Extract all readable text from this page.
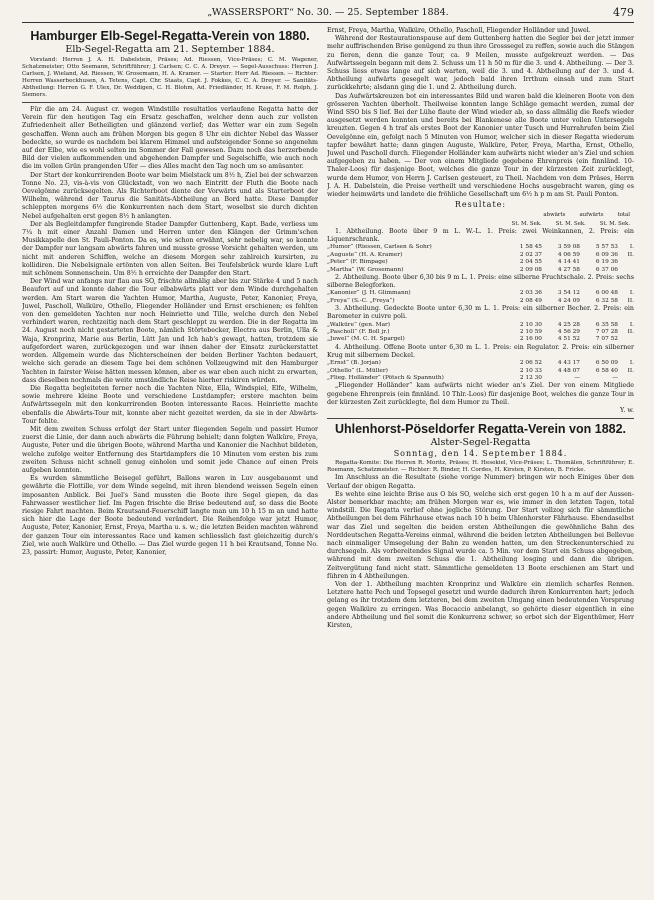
„WASSERSPORT“ No. 30. — 25. September 1884.	479
Hamburger Elb-Segel-Regatta-Verein von 1880.
Elb-Segel-Regatta am 21. September 1884.

Vorstand: Herren J. A. H. Dabelstein, Präses; Ad. Riessen, Vice-Präses; C. M. Wagener, Schatzmeister; Otto Seemann, Schriftführer; J. Carlsen; C. C. A. Dreyer. — Segel-Ausschuss: Herren J. Carlsen, J. Wieland, Ad. Riessen, W. Grosemann, H. A. Kramer. — Starter: Herr Ad. Riessen. — Richter: Herren Wasserbeckhusen, A. Tetens, Capt. Chr. Staats, Capt. J. Fokkes, C. C. A. Dreyer. — Sanitäts-Abtheilung: Herren G. F. Ulex, Dr. Weddigen, C. H. Blohm, Ad. Friedländer, H. Kruse, F. M. Rolph, J. Siemers.

Für die am 24. August cr. wegen Windstille resultatlos verlaufene Regatta hatte der Verein für den heutigen Tag ein Ersatz geschaffen, welcher denn auch zur vollsten Zufriedenheit aller Betheiligten und glänzend verlief; das Wetter war ein zum Segeln geschaffen. Wenn auch am frühen Morgen bis gegen 8 Uhr ein dichter Nebel das Wasser bedeckte, so wurde es nachdem bei klarem Himmel und aufsteigender Sonne so angenehm auf der Elbe, wie es wohl selten im Sommer der Fall gewesen. Dazu noch das herzerbende Bild der vielen aufkommenden und abgehenden Dampfer und Segelschiffe, wie auch noch die im vollen Grün prangenden Ufer — dies Alles macht den Tag noch um so amüsanter.

Der Start der konkurrirenden Boote war beim Mielstack um 8½ h, Ziel bei der schwarzen Tonne No. 23, vis-à-vis von Glückstadt, von wo nach Eintritt der Fluth die Boote nach Oevelgönne zurücksegelten. Als Richterboot diente der Vorwärts und als Starterboot der Wilhelm, während der Taurus die Sanitäts-Abtheilung an Bord hatte. Diese Dampfer schleppten morgens 6½ die Konkurrenten nach dem Start, woselbst sie durch dichten Nebel aufgehalten erst gegen 8½ h anlangten.

Der als Begleitdampfer fungirende Stader Dampfer Guttenberg, Kapt. Bade, verliess um 7¼ h mit einer Anzahl Damen und Herren unter den Klängen der Grimm'schen Musikkapelle den St. Pauli-Ponton. Da es, wie schon erwähnt, sehr nebelig war, so konnte der Dampfer nur langsam abwärts fahren und musste grosse Vorsicht gehalten werden, um nicht mit anderen Schiffen, welche an diesem Morgen sehr zahlreich kursirten, zu kollidiren. Die Nebelsignale ertönten von allen Seiten. Bei Teufelsbrück wurde klare Luft mit schönem Sonnenschein. Um 8½ h erreichte der Dampfer den Start.

Der Wind war anfangs nur flau aus SO, frischte allmälig aber bis zur Stärke 4 und 5 nach Beaufort auf und konnte daher die Tour elbabwärts platt vor dem Winde durchgehalten werden. Am Start waren die Yachten Humor, Martha, Auguste, Peter, Kanonier, Freya, Juwel, Pascholl, Walküre, Othello, Fliegender Holländer und Ernst erschienen; es fehlten von den gemeldeten Yachten nur noch Heinriette und Tille, welche durch den Nebel verhindert waren, rechtzeitig nach dem Start geschleppt zu werden. Die in der Regatta im 24. August noch nicht gestarteten Boote, nämlich Störtebecker, Electra aus Berlin, Ulla & Waja, Kronprinz, Marie aus Berlin, Lütt Jan und Ich hab's gewagt, hatten, trotzdem sie aufgefordert waren, zurückgezogen und war ihnen daher der Einsatz zurückerstattet worden. Allgemein wurde das Nichterscheinen der beiden Berliner Yachten bedauert, welche sich gerade an diesem Tage bei dem schönen Vollzeugwind mit den Hamburger Yachten in fairster Weise hätten messen können, aber es war eben auch nicht zu erwarten, dass dieselben nochmals die weite umständliche Reise hierher riskiren würden.

Die Regatta begleiteten ferner noch die Yachten Nixe, Ella, Windspiel, Elfe, Wilhelm, sowie mehrere kleine Boote und verschiedene Lustdampfer; erstere machten beim Aufwärtssegeln mit den konkurrirenden Booten interessante Races. Heinriette machte ebenfalls die Abwärts-Tour mit, konnte aber nicht gezeitet werden, da sie in der Abwärts-Tour fehlte.

Mit dem zweiten Schuss erfolgt der Start unter fliegenden Segeln und passirt Humor zuerst die Linie, der dann auch abwärts die Führung behielt; dann folgten Walküre, Freya, Auguste, Peter und die übrigen Boote, während Martha und Kanonier die Nachhut bildeten, welche zufolge weiter Entfernung des Startdampfers die 10 Minuten vom ersten bis zum zweiten Schuss nicht schnell genug einholen und somit jede Chance auf einen Preis aufgeben konnten.

Es wurden sämmtliche Beisegel geführt, Ballons waren in Luv ausgebauomt und gewährte die Flottille, vor dem Winde segelnd, mit ihren blendend weissen Segeln einen imposanten Anblick. Bei Juel's Sand mussten die Boote ihre Segel giepen, da das Fahrwasser westlicher lief. Im Pagen frischte die Brise bedeutend auf, so dass die Boote riesige Fahrt machten. Beim Krautsand-Feuerschiff langte man um 10 h 15 m an und hatte sich hier die Lage der Boote bedeutend verändert. Die Reihenfolge war jetzt Humor, Auguste, Peter, Kanonier, Ernst, Freya, Martha u. s. w.; die letzten Beiden machten während der ganzen Tour ein interessantes Race und kamen schliesslich fast gleichzeitig durch's Ziel, wie auch Walküre und Othello. — Das Ziel wurde gegen 11 h bei Krautsand, Tonne No. 23, passirt: Humor, Auguste, Peter, Kanonier,

Ernst, Freya, Martha, Walküre, Othello, Pascholl, Fliegender Holländer und Juwel.

Während der Restaurationspause auf dem Guttenberg hatten die Segler bei der jetzt immer mehr auffrischenden Brise genügend zu thun ihre Grosssegel zu reffen, sowie auch die Stängen zu fieren, denn die ganze Tour, ca. 9 Meilen, musste aufgekreuzt werden. — Das Aufwärtssegeln begann mit dem 2. Schuss um 11 h 50 m für die 3. und 4. Abtheilung. — Der 3. Schuss liess etwas lange auf sich warten, weil die 3. und 4. Abtheilung auf der 3. und 4. Abtheilung aufwärts gesegelt war, jedoch bald ihren Irrthum einsah und zum Start zurückkehrte; alsdann ging die 1. und 2. Abtheilung durch.

Das Aufwärtskreuzen bot ein interessantes Bild und waren bald die kleineren Boote von den grösseren Yachten überholt. Theilweise konnten lange Schläge gemacht werden, zumal der Wind SSO bis S lief. Bei der Lühe flaute der Wind wieder ab, so dass allmälig die Reefs wieder ausgesetzt werden konnten und bereits bei Blankenese alle Boote unter vollen Untersegeln kreuzten. Gegen 4 h traf als erstes Boot der Kanonier unter Tusch und Hurrahrufen beim Ziel Oevelgönne ein, gefolgt nach 5 Minuten von Humor, welcher sich in dieser Regatta wiederum tapfer bewährt hatte; dann gingen Auguste, Walküre, Peter, Freya, Martha, Ernst, Othello, Juwel und Pascholl durch. Fliegender Holländer kam aufwärts nicht wieder an's Ziel und schien aufgegeben zu haben. — Der von einem Mitgliede gegebene Ehrenpreis (ein finnländ. 10-Thaler-Loos) für dasjenige Boot, welches die ganze Tour in der kürzesten Zeit zurücklegt, wurde dem Humor, von Herrn J. Carlsen gesteuert, zu Theil. Nachdem von dem Präses, Herrn J. A. H. Dabelstein, die Preise vertheilt und verschiedene Hochs ausgebracht waren, ging es wieder heimwärts und landete die fröhliche Gesellschaft um 6½ h p m am St. Pauli Ponton.

Resultate:
abwärts	aufwärts	total
St. M. Sek.	St. M. Sek.	St. M. Sek.

1. Abtheilung. Boote über 9 m L. W.-L. 1. Preis: zwei Weinkannen, 2. Preis: ein Liquenrschrank.

„Humor“ (Riessen, Carlsen & Sohr)	1 58 45	3 59 08	5 57 53	I.
„Auguste“ (H. A. Kramer)	2 02 37	4 06 59	6 09 36	II.
„Peter“ (F. Bimpage)	2 04 55	4 14 41	6 19 36
„Martha“ (W. Grosemann)	2 09 08	4 27 58	6 37 06

2. Abtheilung. Boote über 6,30 bis 9 m L. 1. Preis: eine silberne Fruchtschale. 2. Preis: sechs silberne Belegforken.

„Kanonier“ (J. H. Glimmann)	2 03 36	3 54 12	6 00 48	I.
„Freya“ (S.-C. „Freya“)	2 08 49	4 24 09	6 32 58	II.

3. Abtheilung. Gedeckte Boote unter 6,30 m L. 1. Preis: ein silberner Becher. 2. Preis: ein Barometer in cuivre poli.

„Walküre“ (gen. Mar)	2 10 30	4 25 28	6 35 58	I.
„Pascholl“ (F. Boll jr.)	2 10 59	4 56 29	7 07 28	II.
„Juwel“ (M. C. H. Spargel)	2 16 00	4 51 52	7 07 52

4. Abtheilung. Offene Boote unter 6,30 m L. 1. Preis: ein Regulator. 2. Preis: ein silberner Krug mit silbernem Deckel.

„Ernst“ (B. Jorjan)	2 06 52	4 43 17	6 50 09	I.
„Othello“ (L. Müller)	2 10 33	4 48 07	6 58 40	II.
„Flieg. Holländer“ (Pötsch & Spannuth)	2 12 30	—	—

„Fliegender Holländer“ kam aufwärts nicht wieder an's Ziel. Der von einem Mitgliede gegebene Ehrenpreis (ein finnländ. 10 Thlr.-Loos) für dasjenige Boot, welches die ganze Tour in der kürzesten Zeit zurücklegte, fiel dem Humor zu Theil.

Y. w.
Uhlenhorst-Pöseldorfer Regatta-Verein von 1882.
Alster-Segel-Regatta
Sonntag, den 14. September 1884.

Regatta-Komite: Die Herren R. Moritz, Präses; H. Hesekiel, Vice-Präses; L. Thomälen, Schriftführer; E. Roemann, Schatzmeister. — Richter: R. Binder, H. Cordes, H. Kirsten, P. Kirsten, B. Fricke.

Im Anschluss an die Resultate (siehe vorige Nummer) bringen wir noch Einiges über den Verlauf der obigen Regatta.

Es wehte eine leichte Brise aus O bis SO, welche sich erst gegen 10 h a m auf der Aussen-Alster bemerkbar machte; am frühen Morgen war es, wie immer in den letzten Tagen, total windstill. Die Regatta verlief ohne jegliche Störung. Der Start vollzog sich für sämmtliche Abtheilungen bei dem Fährhause etwas nach 10 h beim Uhlenhorster Fährhause. Ebendaselbst war das Ziel und segelten die beiden ersten Abtheilungen die gewöhnliche Bahn des Norddeutschen Regatta-Vereins einmal, während die beiden letzten Abtheilungen bei Bellevue nach einmaliger Umsegelung der Bahn zu wenden hatten, um den Streckenunterschied zu durchsegeln. Als vorbereitendes Signal wurde ca. 5 Min. vor dem Start ein Schuss abgegeben, während mit dem zweiten Schuss die 1. Abtheilung losging und dann die übrigen. Zeitvergütung fand nicht statt. Sämmtliche gemeldeten 13 Boote erschienen am Start und führen in 4 Abtheilungen.

Von der 1. Abtheilung machten Kronprinz und Walküre ein ziemlich scharfes Rennen. Letztere hatte Pech und Topsegel gesetzt und wurde dadurch ihren Konkurrenten hart; jedoch gelang es ihr trotzdem dem letzteren, bei dem zweiten Umgang einen bedeutenden Vorsprung gegen Walküre zu erringen. Was Bocaccio anbelangt, so gehörte dieser eigentlich in eine andere Abtheilung und fiel somit die Konkurrenz schwer, so erbot sich der Eigenthümer, Herr Kirsten,
